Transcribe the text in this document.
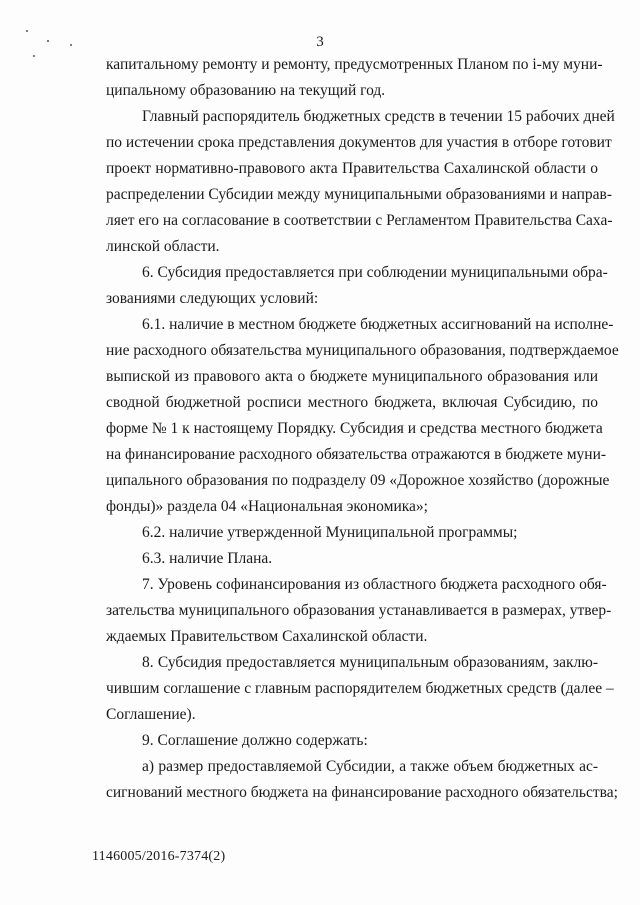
3
капитальному ремонту и ремонту, предусмотренных Планом по i-му муни-
ципальному образованию на текущий год.
Главный распорядитель бюджетных средств в течении 15 рабочих дней
по истечении срока представления документов для участия в отборе готовит
проект нормативно-правового акта Правительства Сахалинской области о
распределении Субсидии между муниципальными образованиями и направ-
ляет его на согласование в соответствии с Регламентом Правительства Саха-
линской области.
6. Субсидия предоставляется при соблюдении муниципальными обра-
зованиями следующих условий:
6.1. наличие в местном бюджете бюджетных ассигнований на исполне-
ние расходного обязательства муниципального образования, подтверждаемое
выпиской из правового акта о бюджете муниципального образования или
сводной бюджетной росписи местного бюджета, включая Субсидию, по
форме № 1 к настоящему Порядку. Субсидия и средства местного бюджета
на финансирование расходного обязательства отражаются в бюджете муни-
ципального образования по подразделу 09 «Дорожное хозяйство (дорожные
фонды)» раздела 04 «Национальная экономика»;
6.2. наличие утвержденной Муниципальной программы;
6.3. наличие Плана.
7. Уровень софинансирования из областного бюджета расходного обя-
зательства муниципального образования устанавливается в размерах, утвер-
ждаемых Правительством Сахалинской области.
8. Субсидия предоставляется муниципальным образованиям, заклю-
чившим соглашение с главным распорядителем бюджетных средств (далее –
Соглашение).
9. Соглашение должно содержать:
а) размер предоставляемой Субсидии, а также объем бюджетных ас-
сигнований местного бюджета на финансирование расходного обязательства;
1146005/2016-7374(2)
